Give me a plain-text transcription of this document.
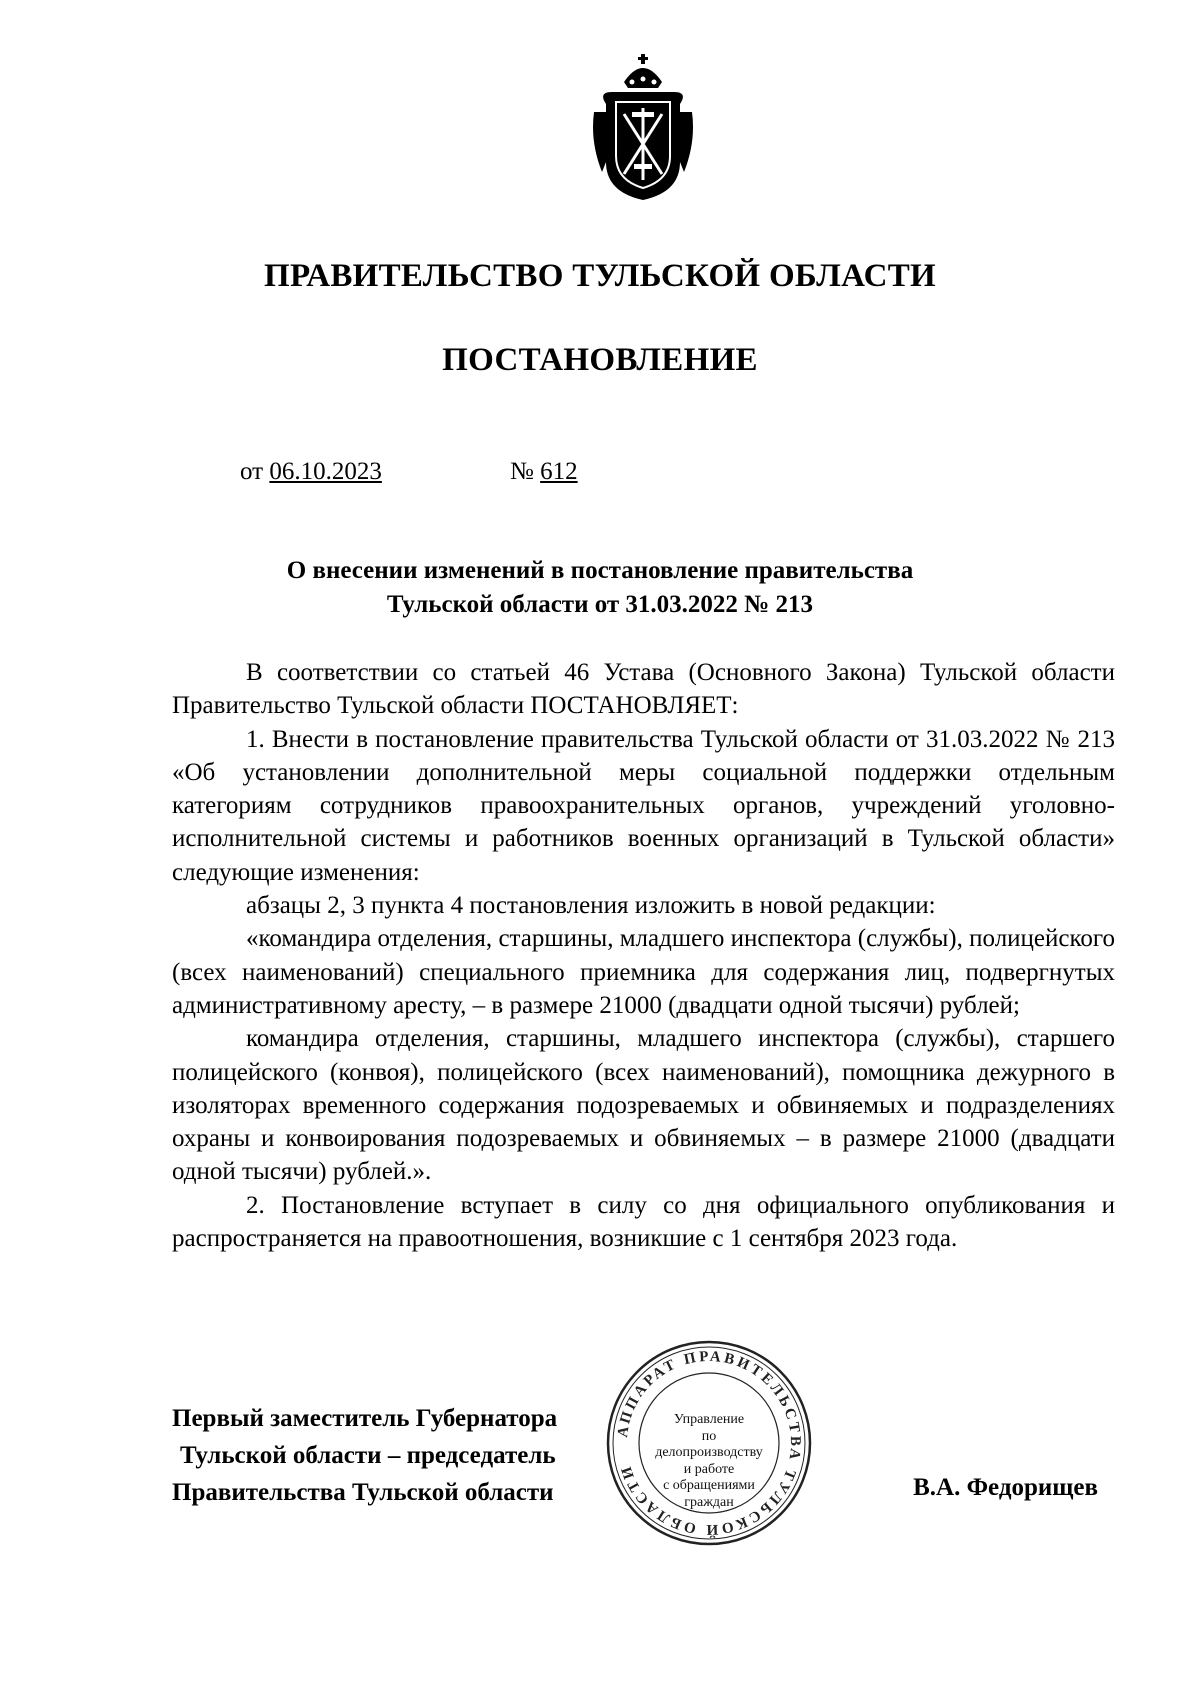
ПРАВИТЕЛЬСТВО ТУЛЬСКОЙ ОБЛАСТИ
ПОСТАНОВЛЕНИЕ
от 06.10.2023	№ 612
О внесении изменений в постановление правительства
Тульской области от 31.03.2022 № 213

В соответствии со статьей 46 Устава (Основного Закона) Тульской области Правительство Тульской области ПОСТАНОВЛЯЕТ:

1. Внести в постановление правительства Тульской области от 31.03.2022 № 213 «Об установлении дополнительной меры социальной поддержки отдельным категориям сотрудников правоохранительных органов, учреждений уголовно-исполнительной системы и работников военных организаций в Тульской области» следующие изменения:

абзацы 2, 3 пункта 4 постановления изложить в новой редакции:

«командира отделения, старшины, младшего инспектора (службы), полицейского (всех наименований) специального приемника для содержания лиц, подвергнутых административному аресту, – в размере 21000 (двадцати одной тысячи) рублей;

командира отделения, старшины, младшего инспектора (службы), старшего полицейского (конвоя), полицейского (всех наименований), помощника дежурного в изоляторах временного содержания подозреваемых и обвиняемых и подразделениях охраны и конвоирования подозреваемых и обвиняемых – в размере 21000 (двадцати одной тысячи) рублей.».

2. Постановление вступает в силу со дня официального опубликования и распространяется на правоотношения, возникшие с 1 сентября 2023 года.

Первый заместитель Губернатора
Тульской области – председатель
Правительства Тульской области
АППАРАТ ПРАВИТЕЛЬСТВА ТУЛЬСКОЙ ОБЛАСТИ
Управление
по делопроизводству
и работе
с обращениями
граждан
В.А. Федорищев
